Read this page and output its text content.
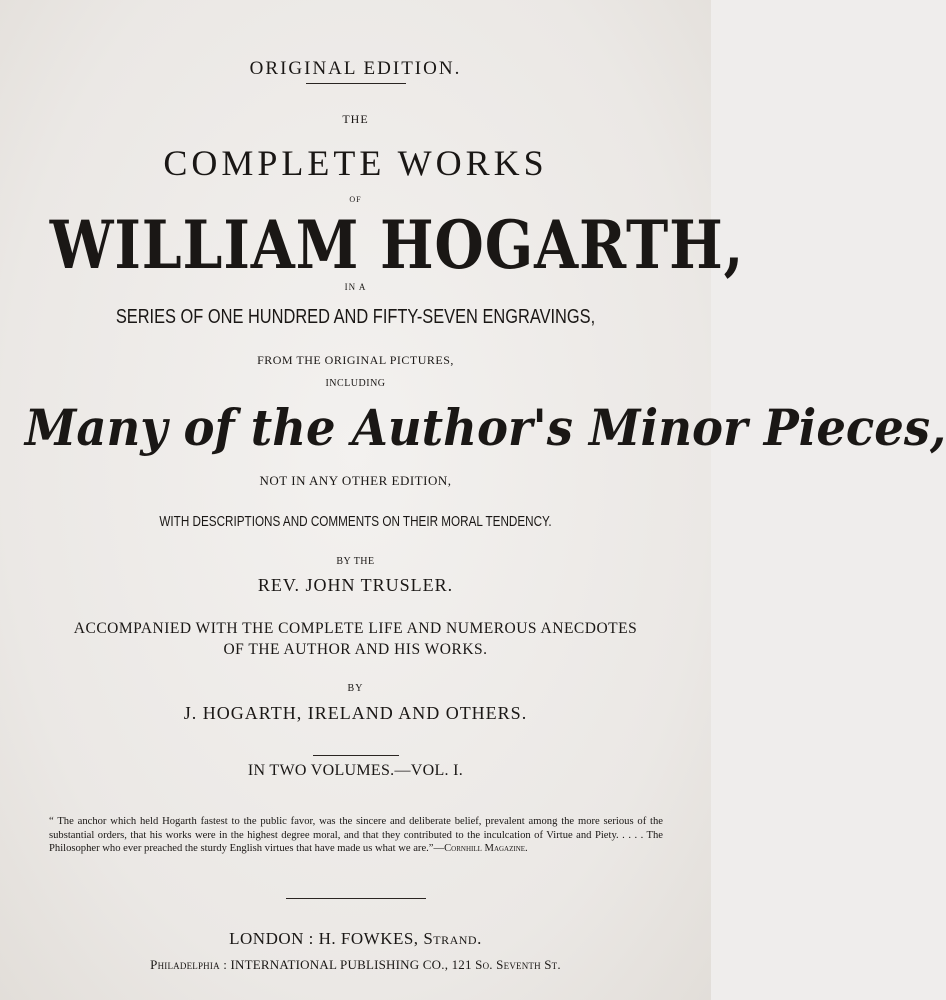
ORIGINAL EDITION.
THE
COMPLETE WORKS
OF
WILLIAM HOGARTH,
IN A
SERIES OF ONE HUNDRED AND FIFTY-SEVEN ENGRAVINGS,
FROM THE ORIGINAL PICTURES,
INCLUDING
Many of the Author's Minor Pieces,
NOT IN ANY OTHER EDITION,
WITH DESCRIPTIONS AND COMMENTS ON THEIR MORAL TENDENCY.
BY THE
REV. JOHN TRUSLER.
ACCOMPANIED WITH THE COMPLETE LIFE AND NUMEROUS ANECDOTES
OF THE AUTHOR AND HIS WORKS.
BY
J. HOGARTH, IRELAND AND OTHERS.
IN TWO VOLUMES.—VOL. I.
“ The anchor which held Hogarth fastest to the public favor, was the sincere and deliberate belief, prevalent among the more serious of the substantial orders, that his works were in the highest degree moral, and that they contributed to the inculcation of Virtue and Piety. . . . . The Philosopher who ever preached the sturdy English virtues that have made us what we are.”—Cornhill Magazine.
LONDON : H. FOWKES, Strand.
Philadelphia : INTERNATIONAL PUBLISHING CO., 121 So. Seventh St.
